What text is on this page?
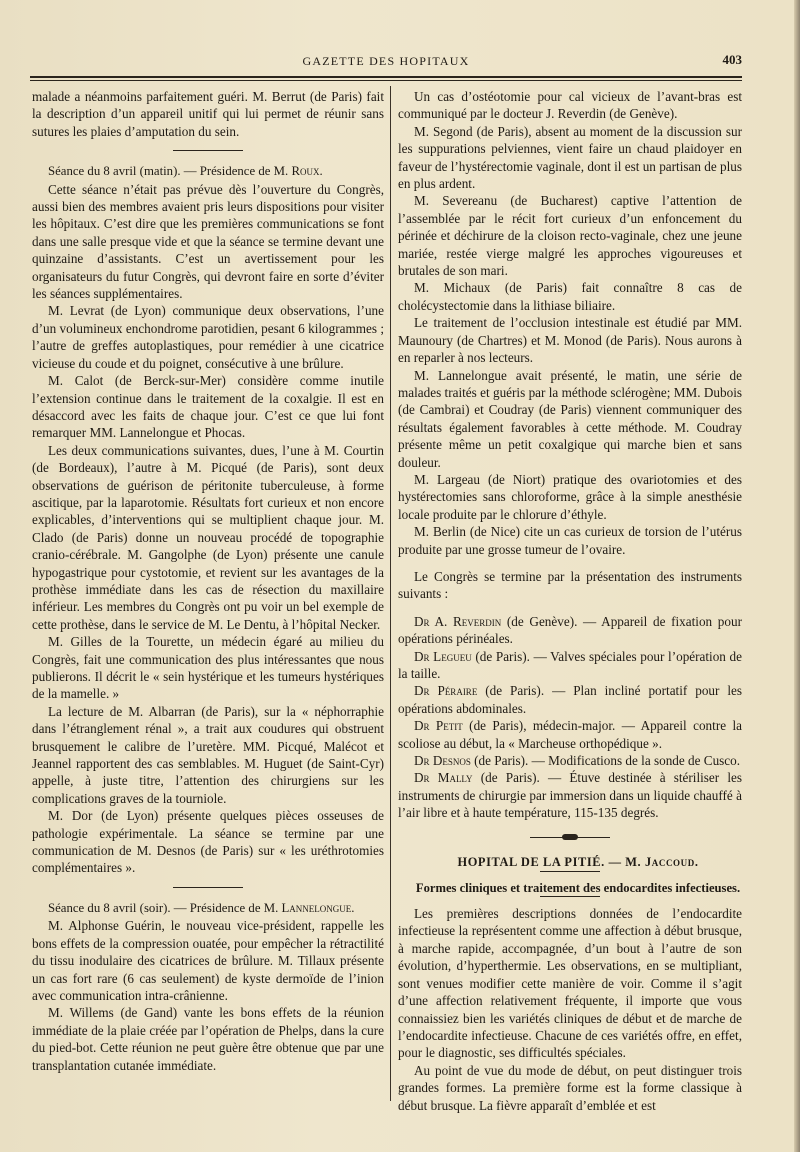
GAZETTE DES HOPITAUX	403

malade a néanmoins parfaitement guéri. M. Berrut (de Paris) fait la description d’un appareil unitif qui lui permet de réunir sans sutures les plaies d’amputation du sein.

Séance du 8 avril (matin). — Présidence de M. Roux.

Cette séance n’était pas prévue dès l’ouverture du Congrès, aussi bien des membres avaient pris leurs dispositions pour visiter les hôpitaux. C’est dire que les premières communications se font dans une salle presque vide et que la séance se termine devant une quinzaine d’assistants. C’est un avertissement pour les organisateurs du futur Congrès, qui devront faire en sorte d’éviter les séances supplémentaires.

M. Levrat (de Lyon) communique deux observations, l’une d’un volumineux enchondrome parotidien, pesant 6 kilogrammes ; l’autre de greffes autoplastiques, pour remédier à une cicatrice vicieuse du coude et du poignet, consécutive à une brûlure.

M. Calot (de Berck-sur-Mer) considère comme inutile l’extension continue dans le traitement de la coxalgie. Il est en désaccord avec les faits de chaque jour. C’est ce que lui font remarquer MM. Lannelongue et Phocas.

Les deux communications suivantes, dues, l’une à M. Courtin (de Bordeaux), l’autre à M. Picqué (de Paris), sont deux observations de guérison de péritonite tuberculeuse, à forme ascitique, par la laparotomie. Résultats fort curieux et non encore explicables, d’interventions qui se multiplient chaque jour. M. Clado (de Paris) donne un nouveau procédé de topographie cranio-cérébrale. M. Gangolphe (de Lyon) présente une canule hypogastrique pour cystotomie, et revient sur les avantages de la prothèse immédiate dans les cas de résection du maxillaire inférieur. Les membres du Congrès ont pu voir un bel exemple de cette prothèse, dans le service de M. Le Dentu, à l’hôpital Necker.

M. Gilles de la Tourette, un médecin égaré au milieu du Congrès, fait une communication des plus intéressantes que nous publierons. Il décrit le « sein hystérique et les tumeurs hystériques de la mamelle. »

La lecture de M. Albarran (de Paris), sur la « néphorraphie dans l’étranglement rénal », a trait aux coudures qui obstruent brusquement le calibre de l’uretère. MM. Picqué, Malécot et Jeannel rapportent des cas semblables. M. Huguet (de Saint-Cyr) appelle, à juste titre, l’attention des chirurgiens sur les complications graves de la tourniole.

M. Dor (de Lyon) présente quelques pièces osseuses de pathologie expérimentale. La séance se termine par une communication de M. Desnos (de Paris) sur « les uréthrotomies complémentaires ».

Séance du 8 avril (soir). — Présidence de M. Lannelongue.

M. Alphonse Guérin, le nouveau vice-président, rappelle les bons effets de la compression ouatée, pour empêcher la rétractilité du tissu inodulaire des cicatrices de brûlure. M. Tillaux présente un cas fort rare (6 cas seulement) de kyste dermoïde de l’inion avec communication intra-crânienne.

M. Willems (de Gand) vante les bons effets de la réunion immédiate de la plaie créée par l’opération de Phelps, dans la cure du pied-bot. Cette réunion ne peut guère être obtenue que par une transplantation cutanée immédiate.

Un cas d’ostéotomie pour cal vicieux de l’avant-bras est communiqué par le docteur J. Reverdin (de Genève).

M. Segond (de Paris), absent au moment de la discussion sur les suppurations pelviennes, vient faire un chaud plaidoyer en faveur de l’hystérectomie vaginale, dont il est un partisan de plus en plus ardent.

M. Severeanu (de Bucharest) captive l’attention de l’assemblée par le récit fort curieux d’un enfoncement du périnée et déchirure de la cloison recto-vaginale, chez une jeune mariée, restée vierge malgré les approches vigoureuses et brutales de son mari.

M. Michaux (de Paris) fait connaître 8 cas de cholécystectomie dans la lithiase biliaire.

Le traitement de l’occlusion intestinale est étudié par MM. Maunoury (de Chartres) et M. Monod (de Paris). Nous aurons à en reparler à nos lecteurs.

M. Lannelongue avait présenté, le matin, une série de malades traités et guéris par la méthode sclérogène; MM. Dubois (de Cambrai) et Coudray (de Paris) viennent communiquer des résultats également favorables à cette méthode. M. Coudray présente même un petit coxalgique qui marche bien et sans douleur.

M. Largeau (de Niort) pratique des ovariotomies et des hystérectomies sans chloroforme, grâce à la simple anesthésie locale produite par le chlorure d’éthyle.

M. Berlin (de Nice) cite un cas curieux de torsion de l’utérus produite par une grosse tumeur de l’ovaire.

Le Congrès se termine par la présentation des instruments suivants :

Dr A. Reverdin (de Genève). — Appareil de fixation pour opérations périnéales.

Dr Legueu (de Paris). — Valves spéciales pour l’opération de la taille.

Dr Péraire (de Paris). — Plan incliné portatif pour les opérations abdominales.

Dr Petit (de Paris), médecin-major. — Appareil contre la scoliose au début, la « Marcheuse orthopédique ».

Dr Desnos (de Paris). — Modifications de la sonde de Cusco.

Dr Mally (de Paris). — Étuve destinée à stériliser les instruments de chirurgie par immersion dans un liquide chauffé à l’air libre et à haute température, 115-135 degrés.

HOPITAL DE LA PITIÉ. — M. Jaccoud.

Formes cliniques et traitement des endocardites infectieuses.

Les premières descriptions données de l’endocardite infectieuse la représentent comme une affection à début brusque, à marche rapide, accompagnée, d’un bout à l’autre de son évolution, d’hyperthermie. Les observations, en se multipliant, sont venues modifier cette manière de voir. Comme il s’agit d’une affection relativement fréquente, il importe que vous connaissiez bien les variétés cliniques de début et de marche de l’endocardite infectieuse. Chacune de ces variétés offre, en effet, pour le diagnostic, ses difficultés spéciales.

Au point de vue du mode de début, on peut distinguer trois grandes formes. La première forme est la forme classique à début brusque. La fièvre apparaît d’emblée et est
